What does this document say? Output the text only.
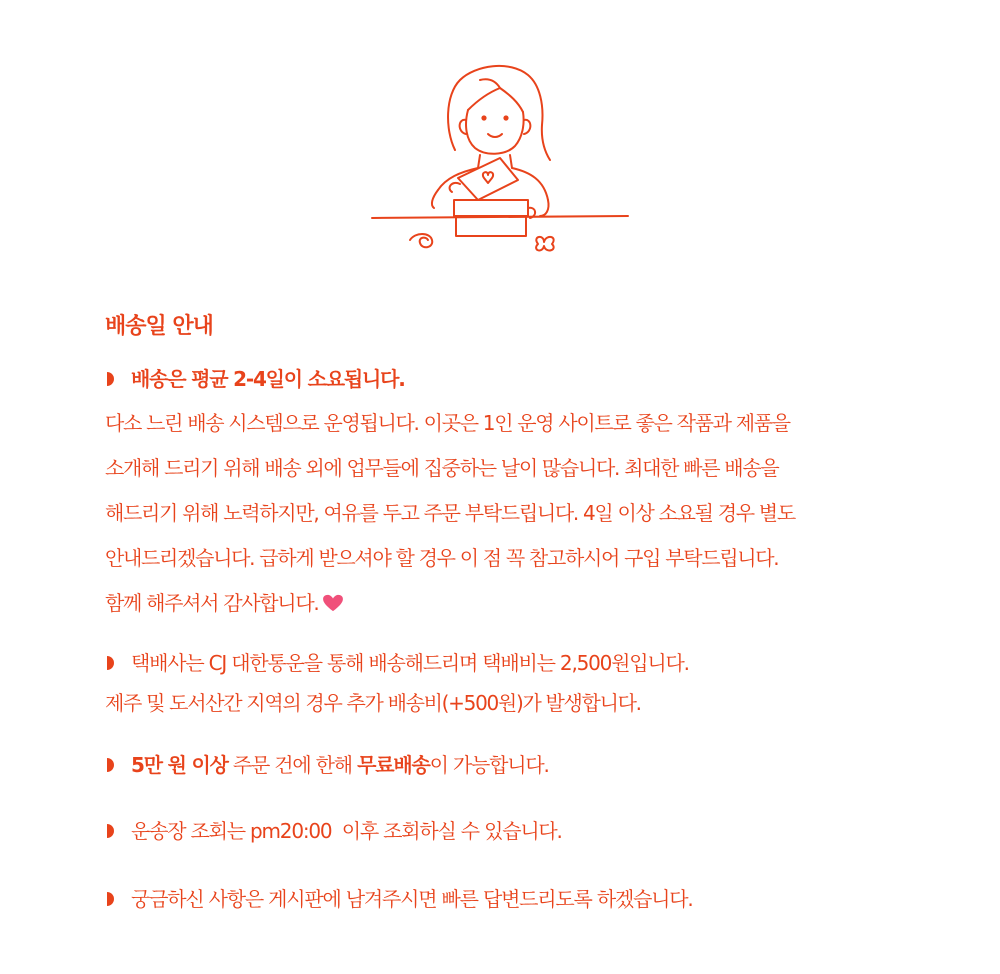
배송일 안내
배송은 평균 2-4일이 소요됩니다.
다소 느린 배송 시스템으로 운영됩니다. 이곳은 1인 운영 사이트로 좋은 작품과 제품을
소개해 드리기 위해 배송 외에 업무들에 집중하는 날이 많습니다. 최대한 빠른 배송을
해드리기 위해 노력하지만, 여유를 두고 주문 부탁드립니다. 4일 이상 소요될 경우 별도
안내드리겠습니다. 급하게 받으셔야 할 경우 이 점 꼭 참고하시어 구입 부탁드립니다.
함께 해주셔서 감사합니다.
택배사는 CJ 대한통운을 통해 배송해드리며 택배비는 2,500원입니다.
제주 및 도서산간 지역의 경우 추가 배송비(+500원)가 발생합니다.
5만 원 이상 주문 건에 한해 무료배송 이 가능합니다.
운송장 조회는 pm20:00  이후 조회하실 수 있습니다.
궁금하신 사항은 게시판에 남겨주시면 빠른 답변드리도록 하겠습니다.
